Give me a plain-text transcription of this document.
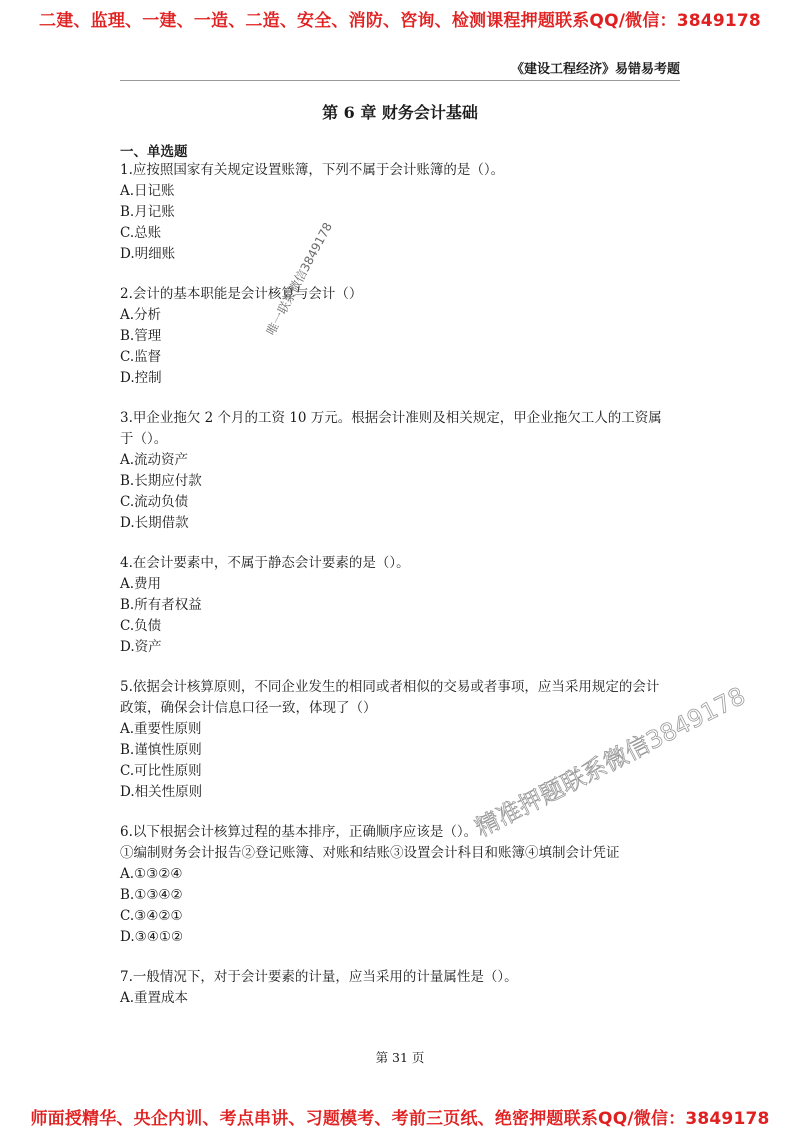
二建、监理、一建、一造、二造、安全、消防、咨询、检测课程押题联系QQ/微信：3849178
《建设工程经济》易错易考题
第 6 章 财务会计基础
一、单选题
1.应按照国家有关规定设置账簿，下列不属于会计账簿的是（）。
A.日记账
B.月记账
C.总账
D.明细账
2.会计的基本职能是会计核算与会计（）
A.分析
B.管理
C.监督
D.控制
3.甲企业拖欠 2 个月的工资 10 万元。根据会计准则及相关规定，甲企业拖欠工人的工资属
于（）。
A.流动资产
B.长期应付款
C.流动负债
D.长期借款
4.在会计要素中，不属于静态会计要素的是（）。
A.费用
B.所有者权益
C.负债
D.资产
5.依据会计核算原则，不同企业发生的相同或者相似的交易或者事项，应当采用规定的会计
政策，确保会计信息口径一致，体现了（）
A.重要性原则
B.谨慎性原则
C.可比性原则
D.相关性原则
6.以下根据会计核算过程的基本排序，正确顺序应该是（）。
①编制财务会计报告②登记账簿、对账和结账③设置会计科目和账簿④填制会计凭证
A.①③②④
B.①③④②
C.③④②①
D.③④①②
7.一般情况下，对于会计要素的计量，应当采用的计量属性是（）。
A.重置成本
唯一联系微信3849178
精准押题联系微信3849178
第 31 页
师面授精华、央企内训、考点串讲、习题模考、考前三页纸、绝密押题联系QQ/微信：3849178
